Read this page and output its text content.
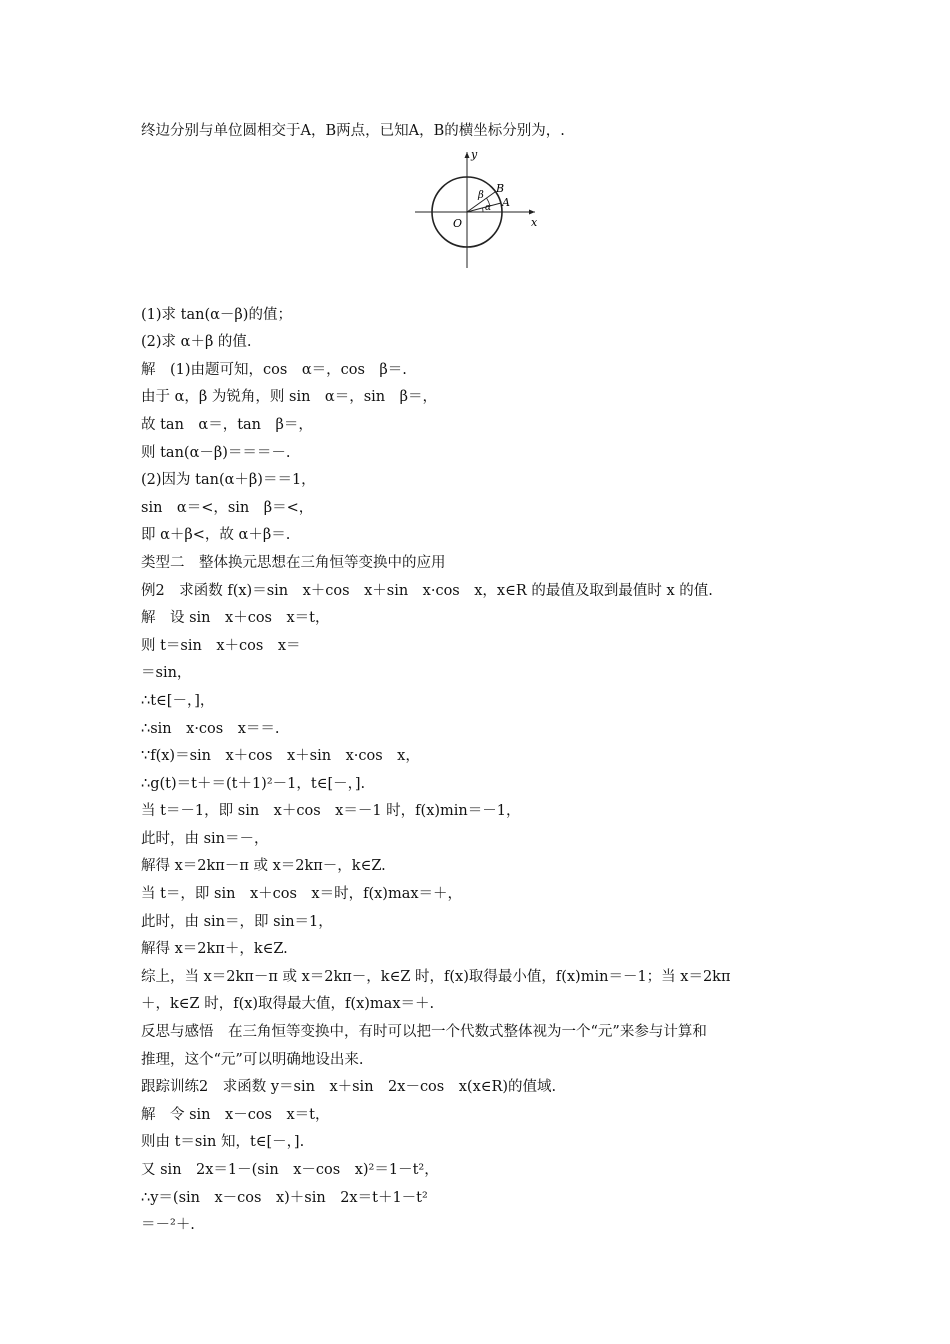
终边分别与单位圆相交于A，B两点，已知A，B的横坐标分别为，.
y
x
O
A
B
α
β
(1)求 tan(α－β)的值；
(2)求 α＋β 的值.
解　(1)由题可知，cos　α＝，cos　β＝.
由于 α，β 为锐角，则 sin　α＝，sin　β＝，
故 tan　α＝，tan　β＝，
则 tan(α－β)＝＝＝－.
(2)因为 tan(α＋β)＝＝1，
sin　α＝<，sin　β＝<，
即 α＋β<，故 α＋β＝.
类型二　整体换元思想在三角恒等变换中的应用
例2　求函数 f(x)＝sin　x＋cos　x＋sin　x·cos　x，x∈R 的最值及取到最值时 x 的值.
解　设 sin　x＋cos　x＝t，
则 t＝sin　x＋cos　x＝
＝sin，
∴t∈[－，]，
∴sin　x·cos　x＝＝.
∵f(x)＝sin　x＋cos　x＋sin　x·cos　x，
∴g(t)＝t＋＝(t＋1)²－1，t∈[－，].
当 t＝－1，即 sin　x＋cos　x＝－1 时，f(x)min＝－1，
此时，由 sin＝－，
解得 x＝2kπ－π 或 x＝2kπ－，k∈Z.
当 t＝，即 sin　x＋cos　x＝时，f(x)max＝＋，
此时，由 sin＝，即 sin＝1，
解得 x＝2kπ＋，k∈Z.
综上，当 x＝2kπ－π 或 x＝2kπ－，k∈Z 时，f(x)取得最小值，f(x)min＝－1；当 x＝2kπ
＋，k∈Z 时，f(x)取得最大值，f(x)max＝＋.
反思与感悟　在三角恒等变换中，有时可以把一个代数式整体视为一个“元”来参与计算和
推理，这个“元”可以明确地设出来.
跟踪训练2　求函数 y＝sin　x＋sin　2x－cos　x(x∈R)的值域.
解　令 sin　x－cos　x＝t，
则由 t＝sin 知，t∈[－，].
又 sin　2x＝1－(sin　x－cos　x)²＝1－t²，
∴y＝(sin　x－cos　x)＋sin　2x＝t＋1－t²
＝－²＋.
